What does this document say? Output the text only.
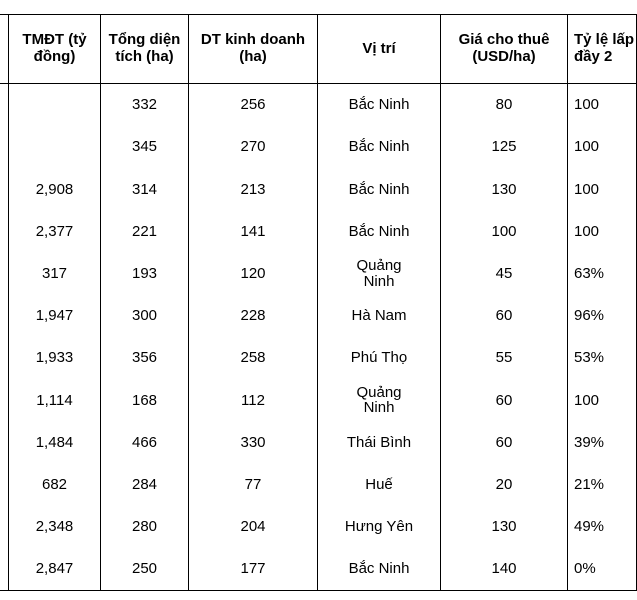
	TMĐT (tỷ đồng)	Tổng diện tích (ha)	DT kinh doanh (ha)	Vị trí	Giá cho thuê (USD/ha)	Tỷ lệ lấp đầy 2
		332	256	Bắc Ninh	80	100
		345	270	Bắc Ninh	125	100
	2,908	314	213	Bắc Ninh	130	100
	2,377	221	141	Bắc Ninh	100	100
	317	193	120	Quảng
Ninh	45	63%
	1,947	300	228	Hà Nam	60	96%
	1,933	356	258	Phú Thọ	55	53%
	1,114	168	112	Quảng
Ninh	60	100
	1,484	466	330	Thái Bình	60	39%
	682	284	77	Huế	20	21%
	2,348	280	204	Hưng Yên	130	49%
	2,847	250	177	Bắc Ninh	140	0%
